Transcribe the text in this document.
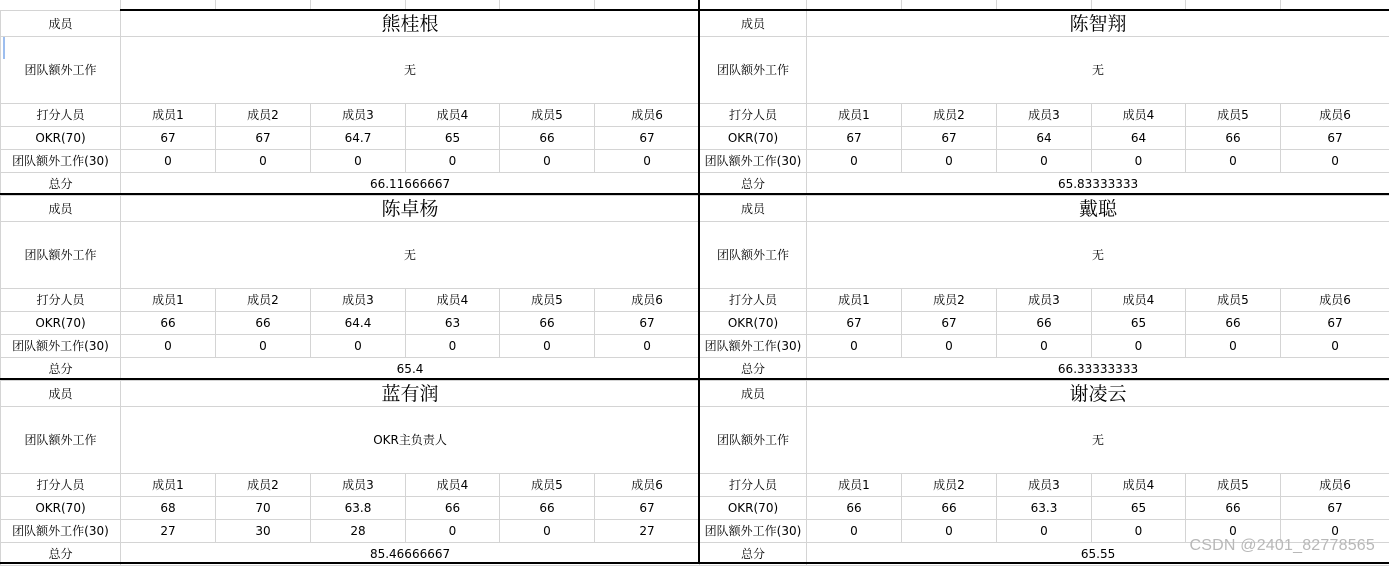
成员	熊桂根					
团队额外工作	无					
打分人员	成员1	成员2	成员3	成员4	成员5	成员6
OKR(70)	67	67	64.7	65	66	67
团队额外工作(30)	0	0	0	0	0	0
总分	66.11666667					
成员	陈智翔					
团队额外工作	无					
打分人员	成员1	成员2	成员3	成员4	成员5	成员6
OKR(70)	67	67	64	64	66	67
团队额外工作(30)	0	0	0	0	0	0
总分	65.83333333					
成员	陈卓杨					
团队额外工作	无					
打分人员	成员1	成员2	成员3	成员4	成员5	成员6
OKR(70)	66	66	64.4	63	66	67
团队额外工作(30)	0	0	0	0	0	0
总分	65.4					
成员	戴聪					
团队额外工作	无					
打分人员	成员1	成员2	成员3	成员4	成员5	成员6
OKR(70)	67	67	66	65	66	67
团队额外工作(30)	0	0	0	0	0	0
总分	66.33333333					
成员	蓝有润					
团队额外工作	OKR主负责人					
打分人员	成员1	成员2	成员3	成员4	成员5	成员6
OKR(70)	68	70	63.8	66	66	67
团队额外工作(30)	27	30	28	0	0	27
总分	85.46666667					
成员	谢凌云					
团队额外工作	无					
打分人员	成员1	成员2	成员3	成员4	成员5	成员6
OKR(70)	66	66	63.3	65	66	67
团队额外工作(30)	0	0	0	0	0	0
总分	65.55						CSDN @2401_82778565
